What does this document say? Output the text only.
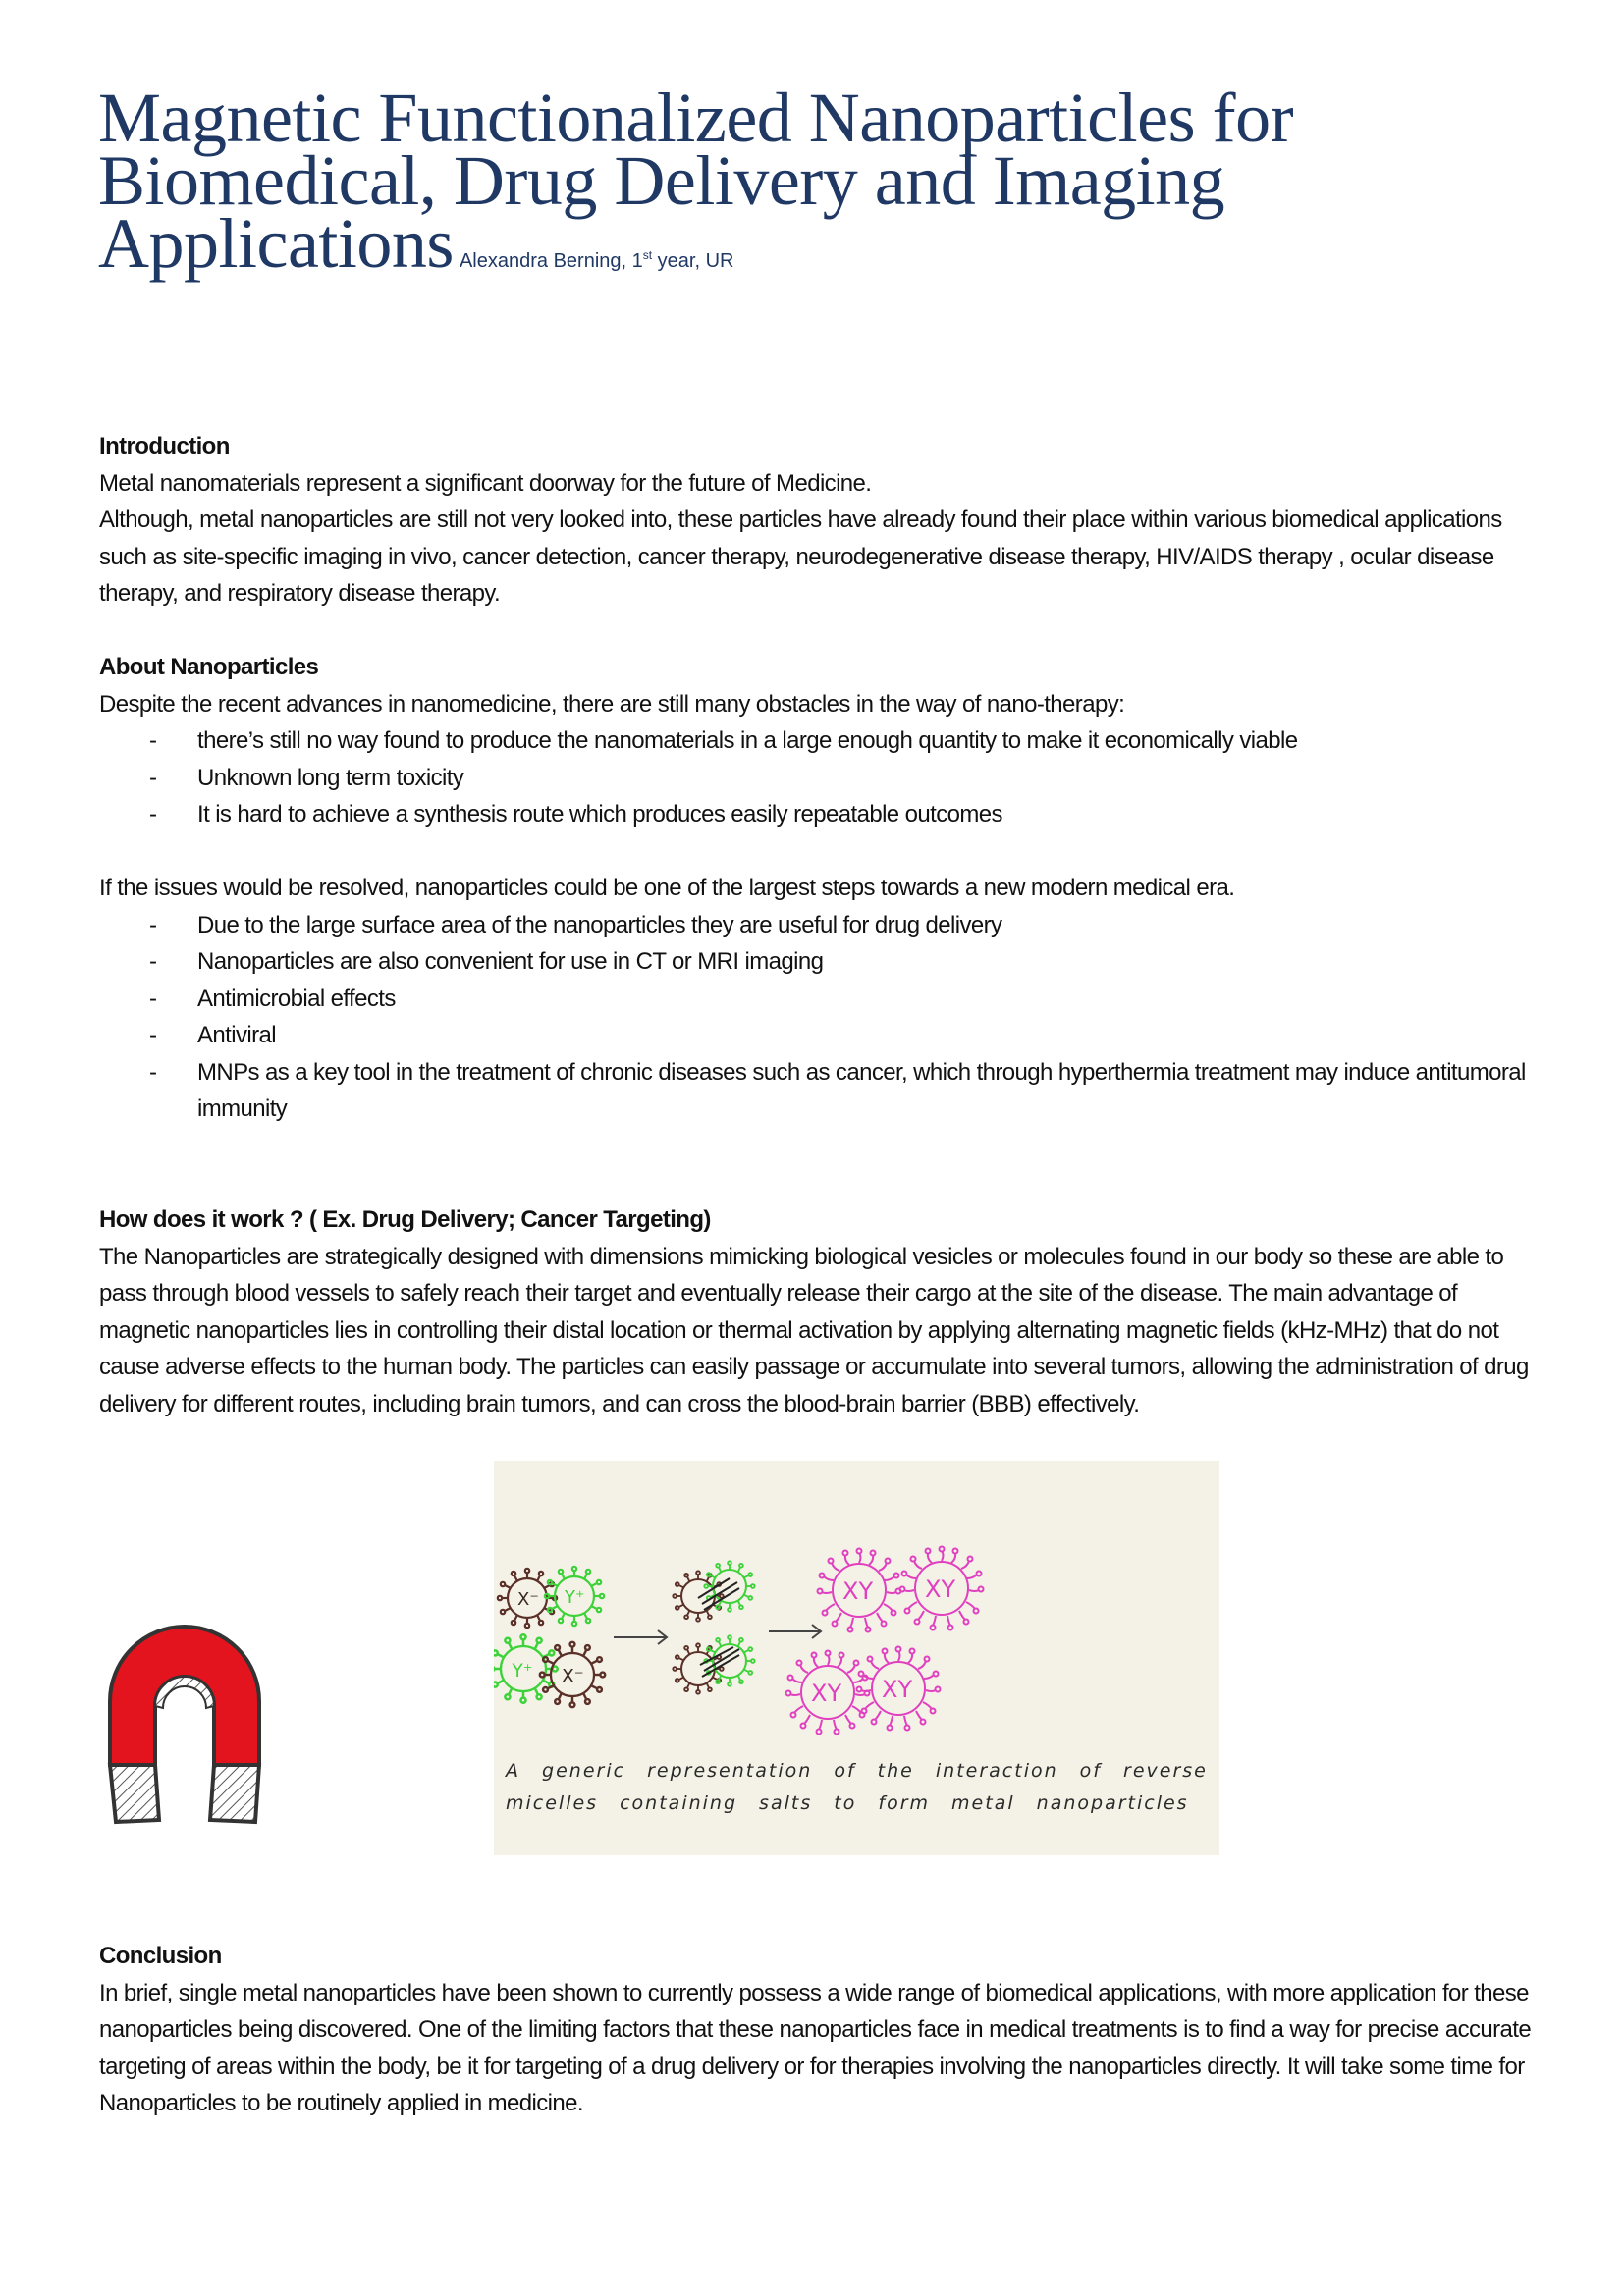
Magnetic Functionalized Nanoparticles for
Biomedical, Drug Delivery and Imaging
Applications Alexandra Berning, 1st year, UR
Introduction
Metal nanomaterials represent a significant doorway for the future of Medicine.
Although, metal nanoparticles are still not very looked into, these particles have already found their place within various biomedical applications such as site-specific imaging in vivo, cancer detection, cancer therapy, neurodegenerative disease therapy, HIV/AIDS therapy , ocular disease therapy, and respiratory disease therapy.
About Nanoparticles
Despite the recent advances in nanomedicine, there are still many obstacles in the way of nano-therapy:
- there’s still no way found to produce the nanomaterials in a large enough quantity to make it economically viable
- Unknown long term toxicity
- It is hard to achieve a synthesis route which produces easily repeatable outcomes
If the issues would be resolved, nanoparticles could be one of the largest steps towards a new modern medical era.
- Due to the large surface area of the nanoparticles they are useful for drug delivery
- Nanoparticles are also convenient for use in CT or MRI imaging
- Antimicrobial effects
- Antiviral
- MNPs as a key tool in the treatment of chronic diseases such as cancer, which through hyperthermia treatment may induce antitumoral immunity
How does it work ? ( Ex. Drug Delivery; Cancer Targeting)
The Nanoparticles are strategically designed with dimensions mimicking biological vesicles or molecules found in our body so these are able to pass through blood vessels to safely reach their target and eventually release their cargo at the site of the disease. The main advantage of magnetic nanoparticles lies in controlling their distal location or thermal activation by applying alternating magnetic fields (kHz-MHz) that do not cause adverse effects to the human body. The particles can easily passage or accumulate into several tumors, allowing the administration of drug delivery for different routes, including brain tumors, and can cross the blood-brain barrier (BBB) effectively.
X⁻ Y⁺
Y⁺ X⁻
XY XY
XY XY
A generic representation of the interaction of reverse
micelles containing salts to form metal nanoparticles
Conclusion
In brief, single metal nanoparticles have been shown to currently possess a wide range of biomedical applications, with more application for these nanoparticles being discovered. One of the limiting factors that these nanoparticles face in medical treatments is to find a way for precise accurate targeting of areas within the body, be it for targeting of a drug delivery or for therapies involving the nanoparticles directly. It will take some time for Nanoparticles to be routinely applied in medicine.
